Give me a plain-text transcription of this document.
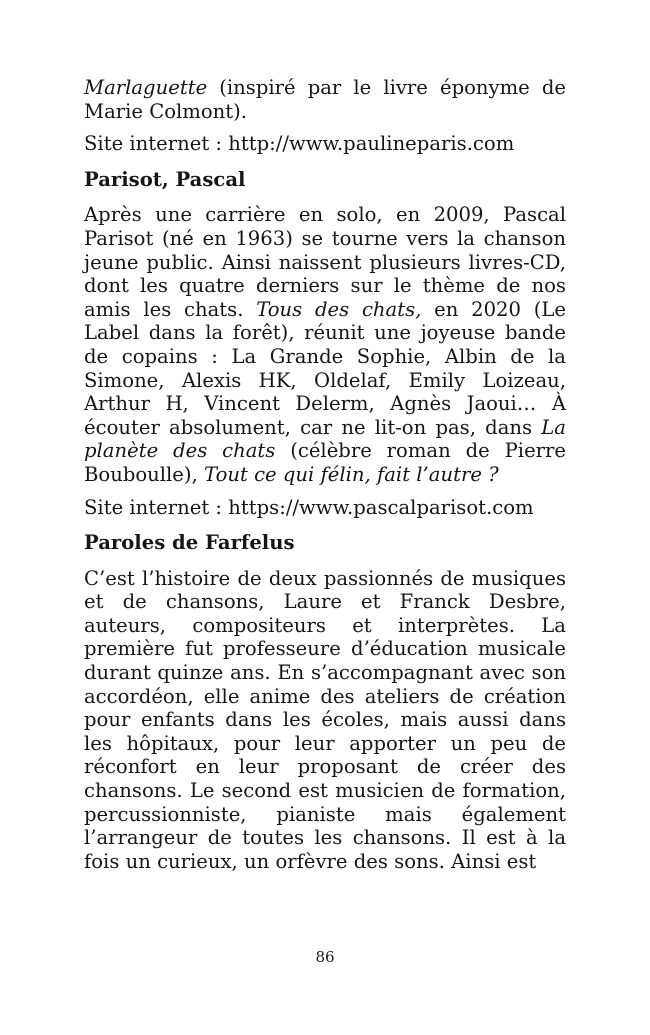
Marlaguette (inspiré par le livre éponyme de Marie Colmont).

Site internet : http://www.paulineparis.com

Parisot, Pascal

Après une carrière en solo, en 2009, Pascal Parisot (né en 1963) se tourne vers la chanson jeune public. Ainsi naissent plusieurs livres-CD, dont les quatre derniers sur le thème de nos amis les chats. Tous des chats, en 2020 (Le Label dans la forêt), réunit une joyeuse bande de copains : La Grande Sophie, Albin de la Simone, Alexis HK, Oldelaf, Emily Loizeau, Arthur H, Vincent Delerm, Agnès Jaoui… À écouter absolument, car ne lit-on pas, dans La planète des chats (célèbre roman de Pierre Bouboulle), Tout ce qui félin, fait l’autre ?

Site internet : https://www.pascalparisot.com

Paroles de Farfelus

C’est l’histoire de deux passionnés de musiques et de chansons, Laure et Franck Desbre, auteurs, compositeurs et interprètes. La première fut professeure d’éducation musicale durant quinze ans. En s’accompagnant avec son accordéon, elle anime des ateliers de création pour enfants dans les écoles, mais aussi dans les hôpitaux, pour leur apporter un peu de réconfort en leur proposant de créer des chansons. Le second est musicien de formation, percussionniste, pianiste mais également l’arrangeur de toutes les chansons. Il est à la fois un curieux, un orfèvre des sons. Ainsi est

86
